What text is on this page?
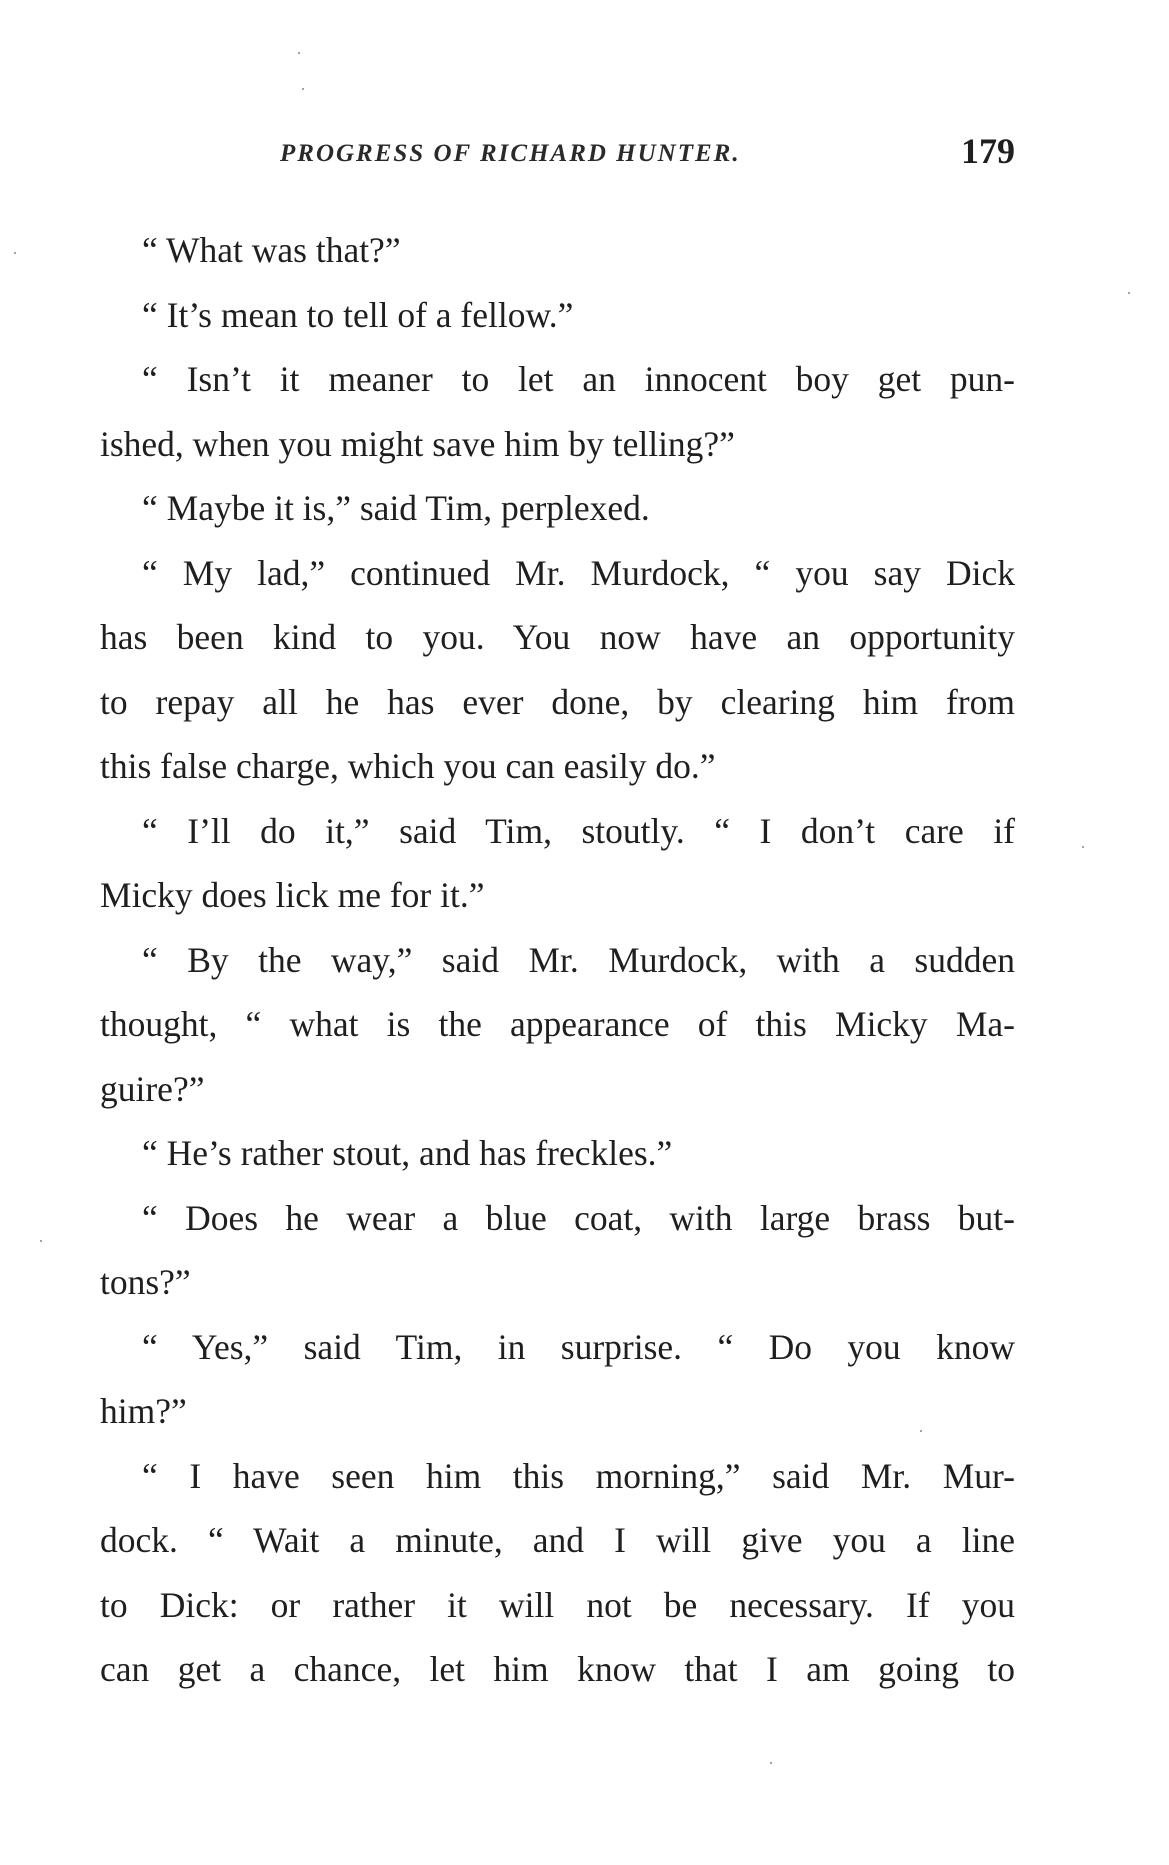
PROGRESS OF RICHARD HUNTER.	179
“ What was that?”
“ It’s mean to tell of a fellow.”
“ Isn’t it meaner to let an innocent boy get pun-
ished, when you might save him by telling?”
“ Maybe it is,” said Tim, perplexed.
“ My lad,” continued Mr. Murdock, “ you say Dick
has been kind to you. You now have an opportunity
to repay all he has ever done, by clearing him from
this false charge, which you can easily do.”
“ I’ll do it,” said Tim, stoutly. “ I don’t care if
Micky does lick me for it.”
“ By the way,” said Mr. Murdock, with a sudden
thought, “ what is the appearance of this Micky Ma-
guire?”
“ He’s rather stout, and has freckles.”
“ Does he wear a blue coat, with large brass but-
tons?”
“ Yes,” said Tim, in surprise. “ Do you know
him?”
“ I have seen him this morning,” said Mr. Mur-
dock. “ Wait a minute, and I will give you a line
to Dick: or rather it will not be necessary. If you
can get a chance, let him know that I am going to
